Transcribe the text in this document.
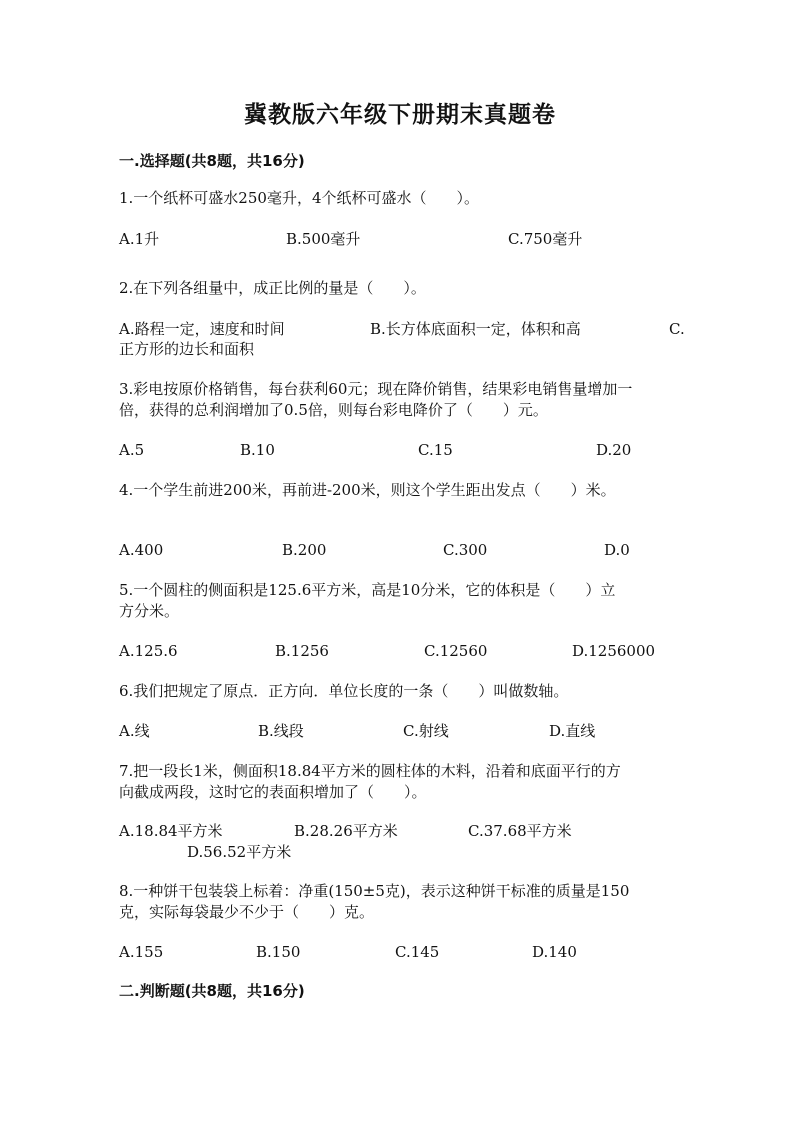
冀教版六年级下册期末真题卷
一.选择题(共8题，共16分)
1.一个纸杯可盛水250毫升，4个纸杯可盛水（　　）。
A.1升	B.500毫升	C.750毫升
2.在下列各组量中，成正比例的量是（　　）。
A.路程一定，速度和时间	B.长方体底面积一定，体积和高	C.
正方形的边长和面积
3.彩电按原价格销售，每台获利60元；现在降价销售，结果彩电销售量增加一
倍，获得的总利润增加了0.5倍，则每台彩电降价了（　　）元。
A.5	B.10	C.15	D.20
4.一个学生前进200米，再前进-200米，则这个学生距出发点（　　）米。
A.400	B.200	C.300	D.0
5.一个圆柱的侧面积是125.6平方米，高是10分米，它的体积是（　　）立
方分米。
A.125.6	B.1256	C.12560	D.1256000
6.我们把规定了原点．正方向．单位长度的一条（　　）叫做数轴。
A.线	B.线段	C.射线	D.直线
7.把一段长1米，侧面积18.84平方米的圆柱体的木料，沿着和底面平行的方
向截成两段，这时它的表面积增加了（　　）。
A.18.84平方米	B.28.26平方米	C.37.68平方米
D.56.52平方米
8.一种饼干包装袋上标着：净重(150±5克)，表示这种饼干标准的质量是150
克，实际每袋最少不少于（　　）克。
A.155	B.150	C.145	D.140
二.判断题(共8题，共16分)
